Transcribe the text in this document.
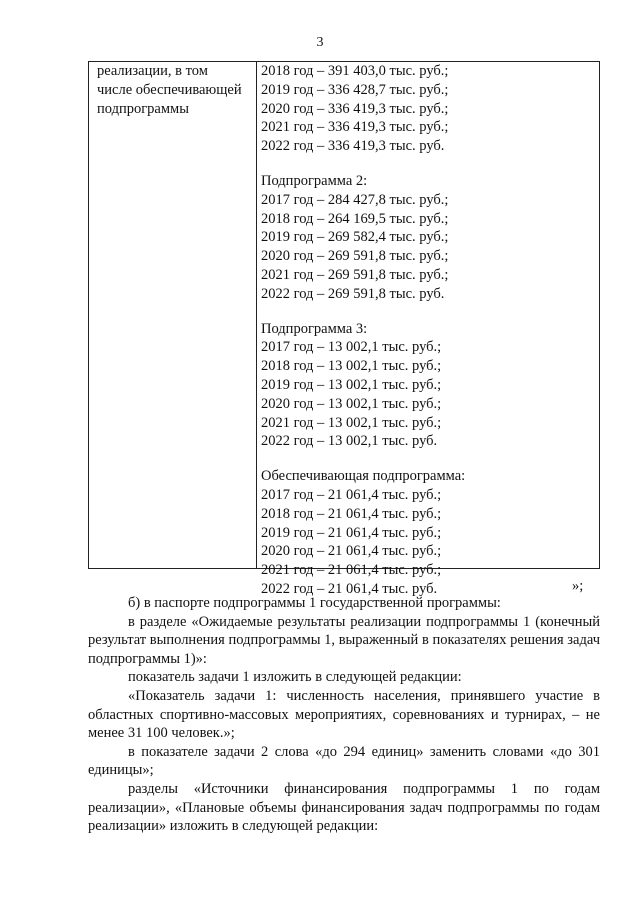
3
реализации, в том
числе обеспечивающей
подпрограммы
2018 год – 391 403,0 тыс. руб.;
2019 год – 336 428,7 тыс. руб.;
2020 год – 336 419,3 тыс. руб.;
2021 год – 336 419,3 тыс. руб.;
2022 год – 336 419,3 тыс. руб.
Подпрограмма 2:
2017 год – 284 427,8 тыс. руб.;
2018 год – 264 169,5 тыс. руб.;
2019 год – 269 582,4 тыс. руб.;
2020 год – 269 591,8 тыс. руб.;
2021 год – 269 591,8 тыс. руб.;
2022 год – 269 591,8 тыс. руб.
Подпрограмма 3:
2017 год – 13 002,1 тыс. руб.;
2018 год – 13 002,1 тыс. руб.;
2019 год – 13 002,1 тыс. руб.;
2020 год – 13 002,1 тыс. руб.;
2021 год – 13 002,1 тыс. руб.;
2022 год – 13 002,1 тыс. руб.
Обеспечивающая подпрограмма:
2017 год – 21 061,4 тыс. руб.;
2018 год – 21 061,4 тыс. руб.;
2019 год – 21 061,4 тыс. руб.;
2020 год – 21 061,4 тыс. руб.;
2021 год – 21 061,4 тыс. руб.;
2022 год – 21 061,4 тыс. руб.	»;

б) в паспорте подпрограммы 1 государственной программы:

в разделе «Ожидаемые результаты реализации подпрограммы 1 (конечный результат выполнения подпрограммы 1, выраженный в показателях решения задач подпрограммы 1)»:

показатель задачи 1 изложить в следующей редакции:

«Показатель задачи 1: численность населения, принявшего участие в областных спортивно-массовых мероприятиях, соревнованиях и турнирах, – не менее 31 100 человек.»;

в показателе задачи 2 слова «до 294 единиц» заменить словами «до 301 единицы»;

разделы «Источники финансирования подпрограммы 1 по годам реализации», «Плановые объемы финансирования задач подпрограммы по годам реализации» изложить в следующей редакции:
